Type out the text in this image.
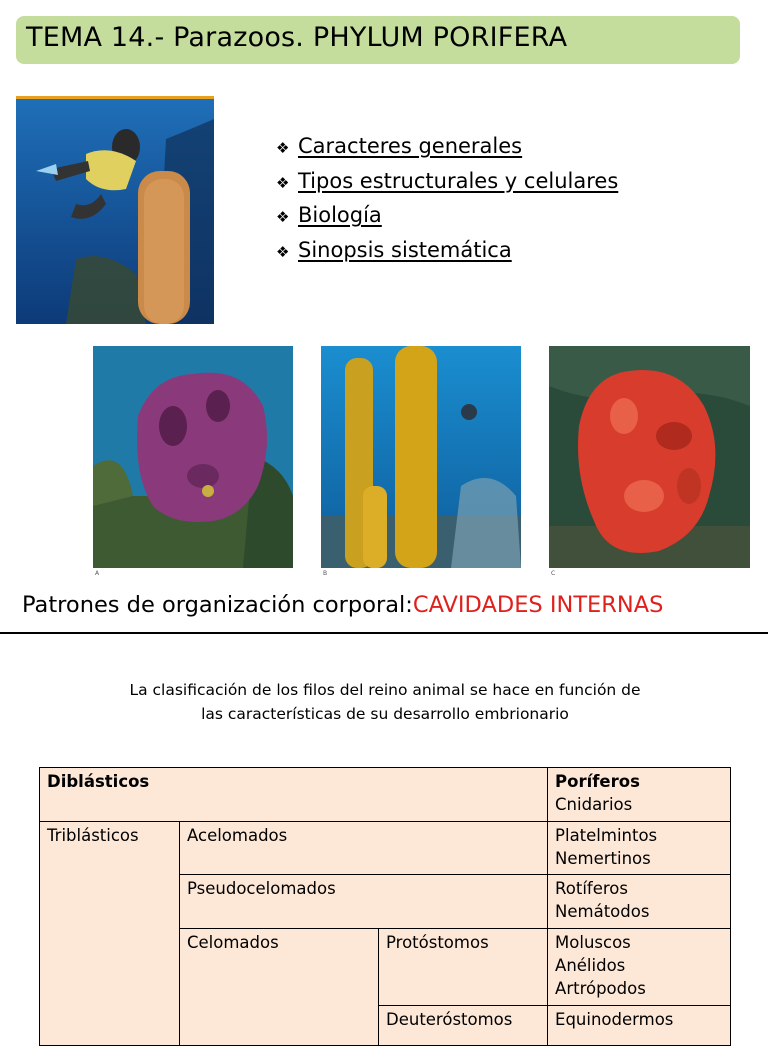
TEMA 14.- Parazoos. PHYLUM PORIFERA
❖ Caracteres generales
❖ Tipos estructurales y celulares
❖ Biología
❖ Sinopsis sistemática
A	B	C
Patrones de organización corporal:CAVIDADES INTERNAS
La clasificación de los filos del reino animal se hace en función de
las características de su desarrollo embrionario
Diblásticos			Poríferos
Cnidarios

Triblásticos	Acelomados		Platelmintos
Nemertinos

	Pseudocelomados		Rotíferos
Nemátodos

	Celomados	Protóstomos	Moluscos
Anélidos
Artrópodos

		Deuteróstomos	Equinodermos
